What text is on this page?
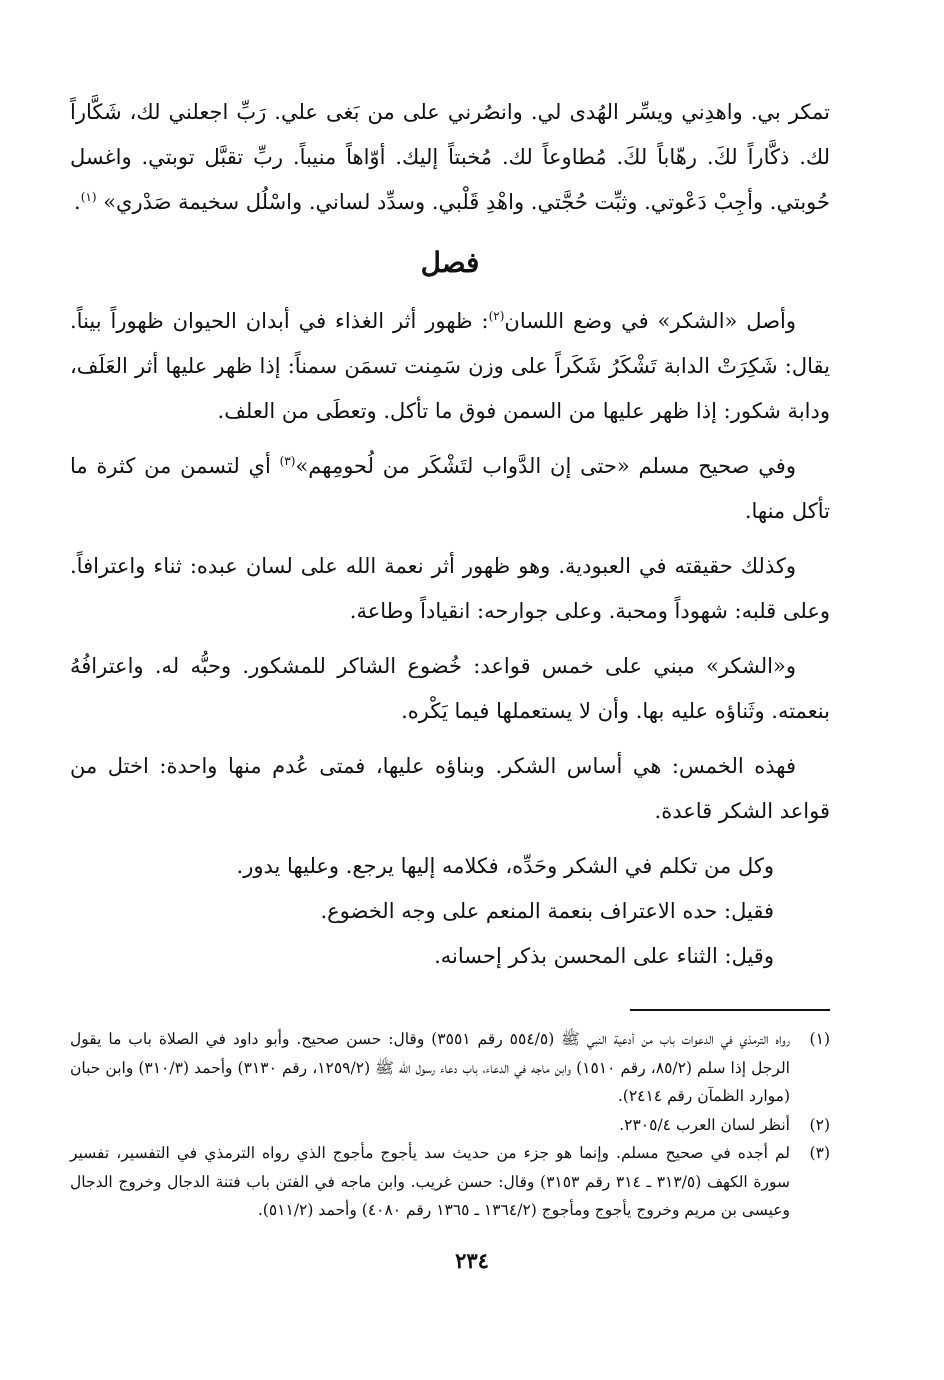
تمكر بي. واهدِني ويسِّر الهُدى لي. وانصُرني على من بَغى علي. رَبِّ اجعلني لك، شَكَّاراً لك. ذكَّاراً لكَ. رهّاباً لكَ. مُطاوعاً لك. مُخبتاً إليك. أوّاهاً منيباً. ربِّ تقبَّل توبتي. واغسل حُوبتي. وأجِبْ دَعْوتي. وثبِّت حُجَّتي. واهْدِ قَلْبي. وسدِّد لساني. واسْلُل سخيمة صَدْري» $^{(١)}$.

فصل

وأصل «الشكر» في وضع اللسان$^{(٢)}$: ظهور أثر الغذاء في أبدان الحيوان ظهوراً بيناً. يقال: شَكِرَتْ الدابة تَشْكَرُ شَكَراً على وزن سَمِنت تسمَن سمناً: إذا ظهر عليها أثر العَلَف، ودابة شكور: إذا ظهر عليها من السمن فوق ما تأكل. وتعطَى من العلف.

وفي صحيح مسلم «حتى إن الدَّواب لتَشْكَر من لُحومِهم»$^{(٣)}$ أي لتسمن من كثرة ما تأكل منها.

وكذلك حقيقته في العبودية. وهو ظهور أثر نعمة الله على لسان عبده: ثناء واعترافاً. وعلى قلبه: شهوداً ومحبة. وعلى جوارحه: انقياداً وطاعة.

و«الشكر» مبني على خمس قواعد: خُضوع الشاكر للمشكور. وحبُّه له. واعترافُهُ بنعمته. وثَناؤه عليه بها. وأن لا يستعملها فيما يَكْره.

فهذه الخمس: هي أساس الشكر. وبناؤه عليها، فمتى عُدم منها واحدة: اختل من قواعد الشكر قاعدة.

وكل من تكلم في الشكر وحَدِّه، فكلامه إليها يرجع. وعليها يدور.

فقيل: حده الاعتراف بنعمة المنعم على وجه الخضوع.

وقيل: الثناء على المحسن بذكر إحسانه.

(١)
رواه الترمذي في الدعوات باب من أدعية النبي ﷺ (٥٥٤/٥ رقم ٣٥٥١) وقال: حسن صحيح. وأبو داود في الصلاة باب ما يقول الرجل إذا سلم (٨٥/٢، رقم ١٥١٠) وابن ماجه في الدعاء، باب دعاء رسول الله ﷺ (١٢٥٩/٢، رقم ٣١٣٠) وأحمد (٣١٠/٣) وابن حبان (موارد الظمآن رقم ٢٤١٤).
(٢)
أنظر لسان العرب ٢٣٠٥/٤.
(٣)
لم أجده في صحيح مسلم. وإنما هو جزء من حديث سد يأجوج مأجوج الذي رواه الترمذي في التفسير، تفسير سورة الكهف (٣١٣/٥ ـ ٣١٤ رقم ٣١٥٣) وقال: حسن غريب. وابن ماجه في الفتن باب فتنة الدجال وخروج الدجال وعيسى بن مريم وخروج يأجوج ومأجوج (١٣٦٤/٢ ـ ١٣٦٥ رقم ٤٠٨٠) وأحمد (٥١١/٢).
٢٣٤
